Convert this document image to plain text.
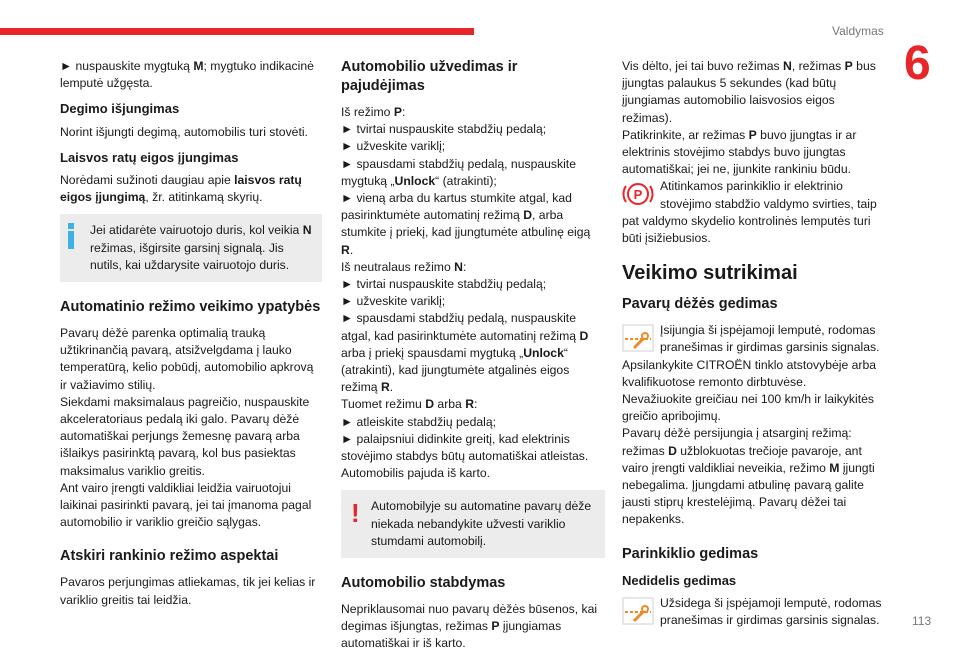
Valdymas
6
113

► nuspauskite mygtuką M; mygtuko indikacinė lemputė užgęsta.

Degimo išjungimas

Norint išjungti degimą, automobilis turi stovėti.

Laisvos ratų eigos įjungimas

Norėdami sužinoti daugiau apie laisvos ratų eigos įjungimą, žr. atitinkamą skyrių.

Jei atidarėte vairuotojo duris, kol veikia N režimas, išgirsite garsinį signalą. Jis nutils, kai uždarysite vairuotojo duris.
Automatinio režimo veikimo ypatybės

Pavarų dėžė parenka optimalią trauką užtikrinančią pavarą, atsižvelgdama į lauko temperatūrą, kelio pobūdį, automobilio apkrovą ir važiavimo stilių.

Siekdami maksimalaus pagreičio, nuspauskite akceleratoriaus pedalą iki galo. Pavarų dėžė automatiškai perjungs žemesnę pavarą arba išlaikys pasirinktą pavarą, kol bus pasiektas maksimalus variklio greitis.

Ant vairo įrengti valdikliai leidžia vairuotojui laikinai pasirinkti pavarą, jei tai įmanoma pagal automobilio ir variklio greičio sąlygas.

Atskiri rankinio režimo aspektai

Pavaros perjungimas atliekamas, tik jei kelias ir variklio greitis tai leidžia.

Automobilio užvedimas ir pajudėjimas
Iš režimo P:
► tvirtai nuspauskite stabdžių pedalą;
► užveskite variklį;
► spausdami stabdžių pedalą, nuspauskite mygtuką „Unlock“ (atrakinti);
► vieną arba du kartus stumkite atgal, kad pasirinktumėte automatinį režimą D, arba stumkite į priekį, kad įjungtumėte atbulinę eigą R.
Iš neutralaus režimo N:
► tvirtai nuspauskite stabdžių pedalą;
► užveskite variklį;
► spausdami stabdžių pedalą, nuspauskite atgal, kad pasirinktumėte automatinį režimą D arba į priekį spausdami mygtuką „Unlock“ (atrakinti), kad įjungtumėte atgalinės eigos režimą R.
Tuomet režimu D arba R:
► atleiskite stabdžių pedalą;
► palaipsniui didinkite greitį, kad elektrinis stovėjimo stabdys būtų automatiškai atleistas. Automobilis pajuda iš karto.
! Automobilyje su automatine pavarų dėže niekada nebandykite užvesti variklio stumdami automobilį.
Automobilio stabdymas

Nepriklausomai nuo pavarų dėžės būsenos, kai degimas išjungtas, režimas P įjungiamas automatiškai ir iš karto.

Vis dėlto, jei tai buvo režimas N, režimas P bus įjungtas palaukus 5 sekundes (kad būtų įjungiamas automobilio laisvosios eigos režimas).

Patikrinkite, ar režimas P buvo įjungtas ir ar elektrinis stovėjimo stabdys buvo įjungtas automatiškai; jei ne, įjunkite rankiniu būdu.

P
Atitinkamos parinkiklio ir elektrinio stovėjimo stabdžio valdymo svirties, taip pat valdymo skydelio kontrolinės lemputės turi būti įsižiebusios.
Veikimo sutrikimai
Pavarų dėžės gedimas
Įsijungia ši įspėjamoji lemputė, rodomas pranešimas ir girdimas garsinis signalas.

Apsilankykite CITROËN tinklo atstovybėje arba kvalifikuotose remonto dirbtuvėse.

Nevažiuokite greičiau nei 100 km/h ir laikykitės greičio apribojimų.

Pavarų dėžė persijungia į atsarginį režimą: režimas D užblokuotas trečioje pavaroje, ant vairo įrengti valdikliai neveikia, režimo M įjungti nebegalima. Įjungdami atbulinę pavarą galite jausti stiprų krestelėjimą. Pavarų dėžei tai nepakenks.

Parinkiklio gedimas
Nedidelis gedimas
Užsidega ši įspėjamoji lemputė, rodomas pranešimas ir girdimas garsinis signalas.
